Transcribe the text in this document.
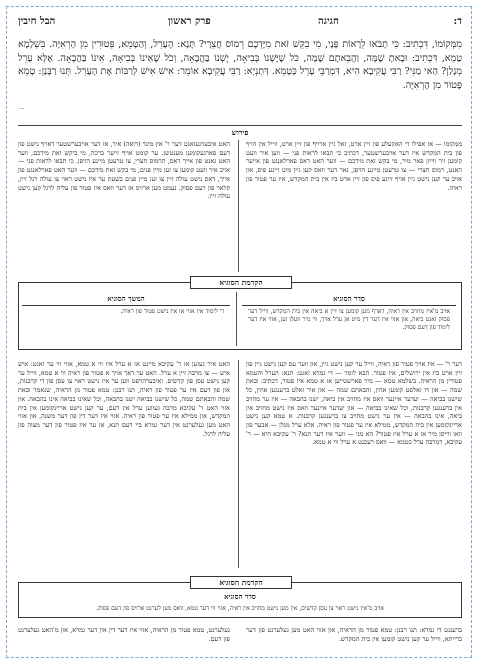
הבל חיבין	פרק ראשון	חגיגה	ד:
מִמְּקוֹמוֹ, דִּכְתִיב: כִּי תָבֹאוּ לֵרָאוֹת פָּנָי, מִי בִקֵּשׁ זֹאת מִיֶּדְכֶם רְמוֹס חֲצֵרָי? תָּנָא: הֶעָרֵל, וְהַטָּמֵא, פְּטוּרִין מִן הָרְאִיָּה. בִּשְׁלָמָא טָמֵא, דִּכְתִיב: וּבָאתָ שָׁמָּה, וַהֲבֵאתֶם שָׁמָּה, כֹּל שֶׁיֶּשְׁנוֹ בְּבִיאָה, יֶשְׁנוֹ בַּהֲבָאָה, וְכֹל שֶׁאֵינוֹ בְּבִיאָה, אֵינוֹ בַּהֲבָאָה. אֶלָּא עָרֵל מְנָלַן? הַאי מַנִּי? רַבִּי עֲקִיבָא הִיא, דִּמְרַבֵּי עָרֵל כְּטָמֵא. דְּתַנְיָא: רַבִּי עֲקִיבָא אוֹמֵר: אִישׁ אִישׁ לְרַבּוֹת אֶת הֶעָרֵל. תְּנוּ רַבָּנָן: טָמֵא פָּטוּר מִן הָרְאִיָּה.
...
פירוש
האט איבערגעזאגט דער ר' אין מינד (רואה) איך, אז דער אויבערשטער דארף נישט פון דעם פארגעקומען מענטשן. ער קומט אויף זייער ברכה, מי ביקש ואת מידכם, ווער האט גאנט פון אייך דאס, תרמוס חצרי, צו טרעטן מיינע הויפן. כי תבאו לראות פני — אויב איר וועט קומען צו זען מיין פנים, מי בקש זאת מידכם — ווער האט פארלאנגט פון אייך, דאס נישט עולה זיין צו זען מיין פנים בשעת ער איז נישט ראוי צו עולה רגל זיין, קלאר פון דעם פסוק. נעמט מען ארויס אז דער וואס איז פטור פון עליה לרגל קען נישט עולה זיין.
מִמְּקוֹמוֹ — אז אפילו די האקעלע פון זיין ארט, זאל גיין ארויף פון זיין ארט, ווייל אין הויף פון בית המקדש איז דער אויבערשטער, דכתיב כי תבאו לראות פני — ווען איר וועט קומען זיך ווייזן פאר מיר, מי בקש זאת מידכם — ווער האט דאס פארלאנגט פון אייער האנט, רמוס חצרי — צו טרעטן מיינע הויפן, נאר דער וואס קען גיין מיט זיינע פיס, און אויב ער קען נישט גיין אויף זיינע פיס פון זיין ארט ביז אין בית המקדש, איז ער פטור פון ראיה.
הקדמת הסוגיא
המשך הסוגיא
די לימוד איז אזוי אז איז נישט פטור פון ראיה.
סדר הסוגיא
אויב מ'איז מחויב אין ראיה, דארף מען קומען צו זיין א ביאה אין בית המקדש, ווייל דער פסוק זאגט ביאה, און אזוי איז דער דין מיט אן ערל אויך, ווי מיר וועלן זען, אזוי איז דער לימוד פון דעם פסוק.
האט איר געזען אז ר' עקיבא מיינט אז א ערל איז ווי א טמא, אזוי ווי ער זאגט: איש איש — צו מרבה זיין א ערל. האט ער דאך אויך א פטור פון ראיה ווי א טמא, ווייל ער קען נישט עסן פון קדשים. ואיבערהויפט ווען ער איז נישט ראוי צו עסן פון די קרבנות, און פון דעם איז ער פטור פון ראיה, תנו רבנן: טמא פטור מן הראיה, שנאמר ובאת שמה והבאתם שמה, כל שישנו בביאה ישנו בהבאה, וכל שאינו בביאה אינו בהבאה. און אזוי האט ר' עקיבא מרבה געווען ערל אין דעם, ער קען נישט אריינקומען אין בית המקדש, און ממילא איז ער פטור פון ראיה. אזוי איז דער דין פון דער משנה, און אזוי האט מען געלערנט אין דער גמרא ביי דעם תנא, אז ער איז פטור פון דער מצוה פון עליה לרגל.
דער ר' — איז אויך פטור פון ראיה, ווייל ער קען נישט גיין, און ווער עס קען נישט גיין פון זיין ארט ביז אין ירושלים, איז פטור. הבא לומר — די גמרא זאגט: תנא: הערל והטמא פטורין מן הראיה. בשלמא טמא — מיר פארשטייען אז א טמא איז פטור, דכתיב: ובאת שמה — און דו זאלסט קומען אהין, והבאתם שמה — און איר זאלט ברענגען אהין, כל שישנו בביאה — יעדער איינער וואס איז מחויב אין ביאה, ישנו בהבאה — איז ער מחויב אין ברענגען קרבנות, וכל שאינו בביאה — און יעדער איינער וואס איז נישט מחויב אין ביאה, אינו בהבאה — איז ער נישט מחויב צו ברענגען קרבנות. א טמא קען נישט אריינקומען אין בית המקדש, ממילא איז ער פטור פון ראיה. אלא ערל מנלן — אבער פון וואו ווייסן מיר אז א ערל איז פטור? הא מני — ווער איז דער תנא? ר' עקיבא היא — ר' עקיבא, דמרבה ערל כטמא — וואס רעכנט א ערל ווי א טמא.
הקדמת הסוגיא
סדר הסוגיא
אויב מ'איז נישט ראוי צו עסן קדשים, איז מען נישט מחויב אין ראיה, אזוי ווי דער טמא, וואס מען לערנט ארויס פון דעם פסוק.
נעלערנט, טמא פטור מן הראיה, אזוי איז דער דין אין דער גמרא, און מ'האט געלערנט פון דעם.
ברענגט די גמרא: תנו רבנן: טמא פטור מן הראיה, און אזוי האט מען געלערנט פון דער ברייתא, ווייל ער קען נישט קומען אין בית המקדש.
